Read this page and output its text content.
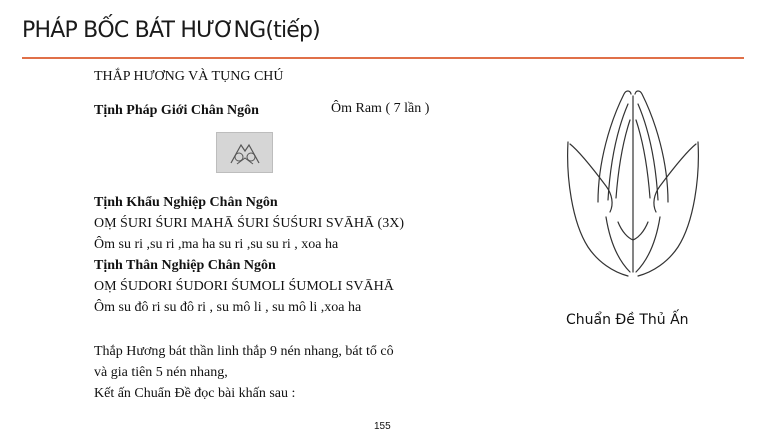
PHÁP BỐC BÁT HƯƠNG(tiếp)
THẮP HƯƠNG VÀ TỤNG CHÚ
Tịnh Pháp Giới Chân Ngôn	Ôm Ram ( 7 lần )
Tịnh Khẩu Nghiệp Chân Ngôn
OṂ ŚURI ŚURI MAHĀ ŚURI ŚUŚURI SVĀHĀ (3X)
Ôm su ri ,su ri ,ma ha su ri ,su su ri , xoa ha
Tịnh Thân Nghiệp Chân Ngôn
OṂ ŚUDORI ŚUDORI ŚUMOLI ŚUMOLI SVĀHĀ
Ôm su đô ri su đô ri , su mô li , su mô li ,xoa ha
Thắp Hương bát thần linh thắp 9 nén nhang, bát tổ cô
và gia tiên 5 nén nhang,
Kết ấn Chuẩn Đề đọc bài khấn sau :
Chuẩn Đề Thủ Ấn
155
